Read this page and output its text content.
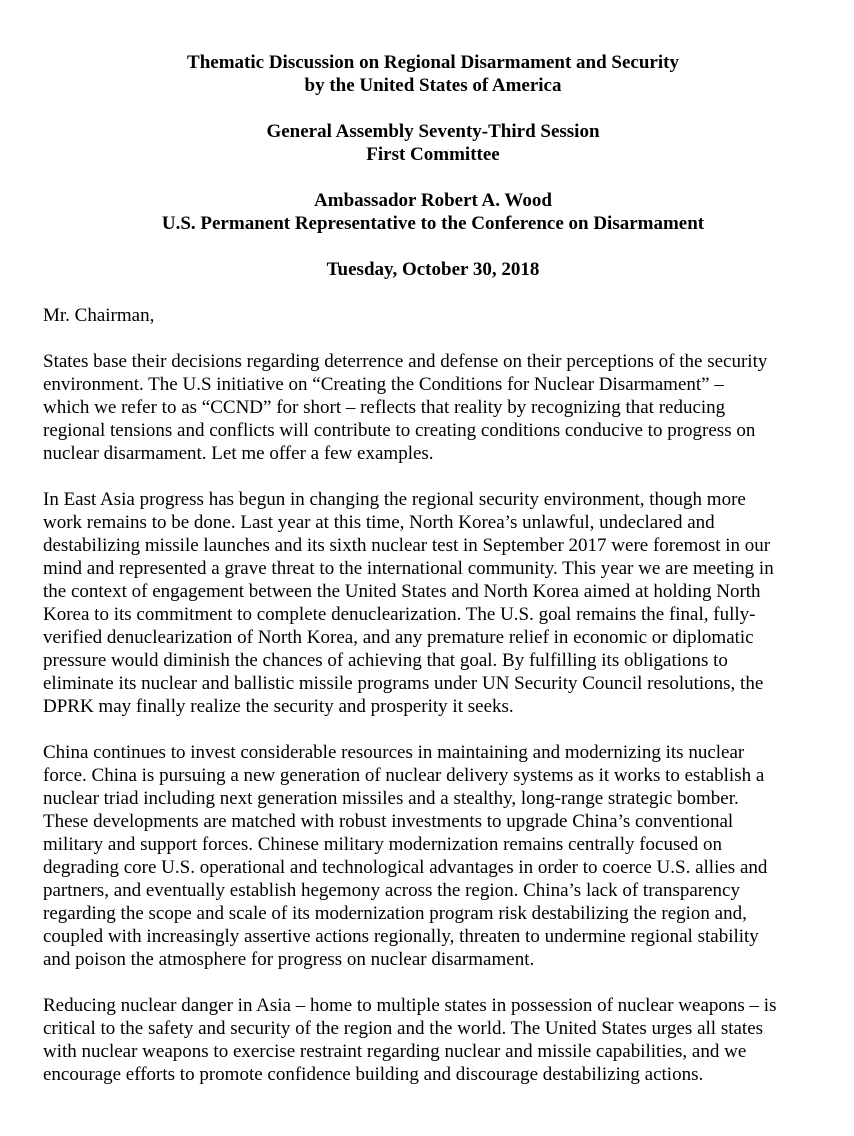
Thematic Discussion on Regional Disarmament and Security
by the United States of America
General Assembly Seventy-Third Session
First Committee
Ambassador Robert A. Wood
U.S. Permanent Representative to the Conference on Disarmament
Tuesday, October 30, 2018
Mr. Chairman,
States base their decisions regarding deterrence and defense on their perceptions of the security
environment. The U.S initiative on “Creating the Conditions for Nuclear Disarmament” –
which we refer to as “CCND” for short – reflects that reality by recognizing that reducing
regional tensions and conflicts will contribute to creating conditions conducive to progress on
nuclear disarmament. Let me offer a few examples.
In East Asia progress has begun in changing the regional security environment, though more
work remains to be done. Last year at this time, North Korea’s unlawful, undeclared and
destabilizing missile launches and its sixth nuclear test in September 2017 were foremost in our
mind and represented a grave threat to the international community. This year we are meeting in
the context of engagement between the United States and North Korea aimed at holding North
Korea to its commitment to complete denuclearization. The U.S. goal remains the final, fully-
verified denuclearization of North Korea, and any premature relief in economic or diplomatic
pressure would diminish the chances of achieving that goal. By fulfilling its obligations to
eliminate its nuclear and ballistic missile programs under UN Security Council resolutions, the
DPRK may finally realize the security and prosperity it seeks.
China continues to invest considerable resources in maintaining and modernizing its nuclear
force. China is pursuing a new generation of nuclear delivery systems as it works to establish a
nuclear triad including next generation missiles and a stealthy, long-range strategic bomber.
These developments are matched with robust investments to upgrade China’s conventional
military and support forces. Chinese military modernization remains centrally focused on
degrading core U.S. operational and technological advantages in order to coerce U.S. allies and
partners, and eventually establish hegemony across the region. China’s lack of transparency
regarding the scope and scale of its modernization program risk destabilizing the region and,
coupled with increasingly assertive actions regionally, threaten to undermine regional stability
and poison the atmosphere for progress on nuclear disarmament.
Reducing nuclear danger in Asia – home to multiple states in possession of nuclear weapons – is
critical to the safety and security of the region and the world. The United States urges all states
with nuclear weapons to exercise restraint regarding nuclear and missile capabilities, and we
encourage efforts to promote confidence building and discourage destabilizing actions.
